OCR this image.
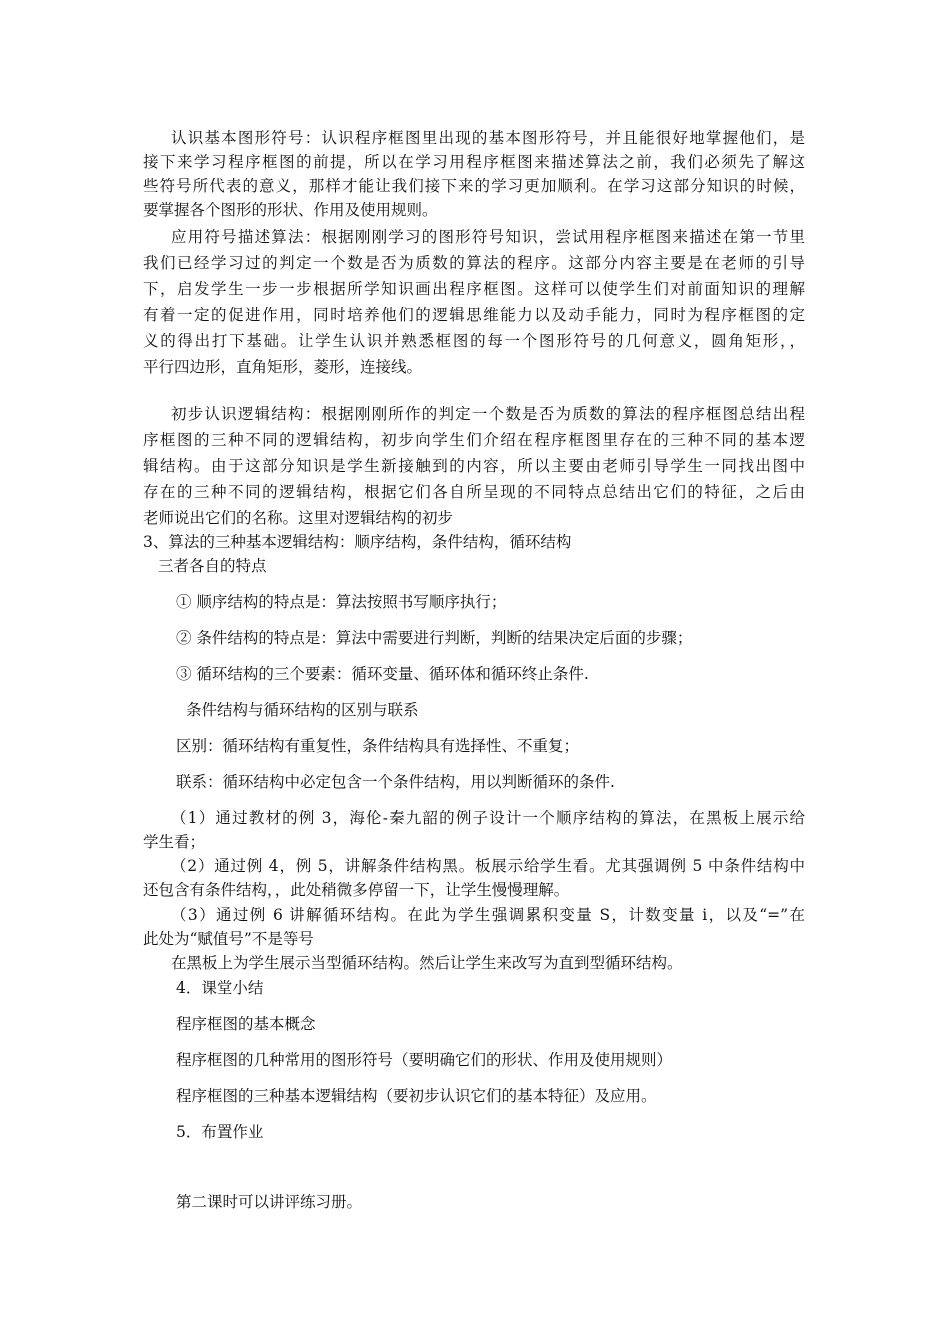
认识基本图形符号：认识程序框图里出现的基本图形符号，并且能很好地掌握他们，是
接下来学习程序框图的前提，所以在学习用程序框图来描述算法之前，我们必须先了解这
些符号所代表的意义，那样才能让我们接下来的学习更加顺利。在学习这部分知识的时候，
要掌握各个图形的形状、作用及使用规则。
应用符号描述算法：根据刚刚学习的图形符号知识，尝试用程序框图来描述在第一节里
我们已经学习过的判定一个数是否为质数的算法的程序。这部分内容主要是在老师的引导
下，启发学生一步一步根据所学知识画出程序框图。这样可以使学生们对前面知识的理解
有着一定的促进作用，同时培养他们的逻辑思维能力以及动手能力，同时为程序框图的定
义的得出打下基础。让学生认识并熟悉框图的每一个图形符号的几何意义，圆角矩形，，
平行四边形，直角矩形，菱形，连接线。
初步认识逻辑结构：根据刚刚所作的判定一个数是否为质数的算法的程序框图总结出程
序框图的三种不同的逻辑结构，初步向学生们介绍在程序框图里存在的三种不同的基本逻
辑结构。由于这部分知识是学生新接触到的内容，所以主要由老师引导学生一同找出图中
存在的三种不同的逻辑结构，根据它们各自所呈现的不同特点总结出它们的特征，之后由
老师说出它们的名称。这里对逻辑结构的初步
3、算法的三种基本逻辑结构：顺序结构，条件结构，循环结构
三者各自的特点
① 顺序结构的特点是：算法按照书写顺序执行；
② 条件结构的特点是：算法中需要进行判断，判断的结果决定后面的步骤；
③ 循环结构的三个要素：循环变量、循环体和循环终止条件.
条件结构与循环结构的区别与联系
区别：循环结构有重复性，条件结构具有选择性、不重复；
联系：循环结构中必定包含一个条件结构，用以判断循环的条件.
（1）通过教材的例 3，海伦-秦九韶的例子设计一个顺序结构的算法，在黑板上展示给
学生看；
（2）通过例 4，例 5，讲解条件结构黑。板展示给学生看。尤其强调例 5 中条件结构中
还包含有条件结构，，此处稍微多停留一下，让学生慢慢理解。
（3）通过例 6 讲解循环结构。在此为学生强调累积变量 S，计数变量 i，以及“=”在
此处为“赋值号”不是等号
在黑板上为学生展示当型循环结构。然后让学生来改写为直到型循环结构。
4．课堂小结
程序框图的基本概念
程序框图的几种常用的图形符号（要明确它们的形状、作用及使用规则）
程序框图的三种基本逻辑结构（要初步认识它们的基本特征）及应用。
5．布置作业
第二课时可以讲评练习册。
